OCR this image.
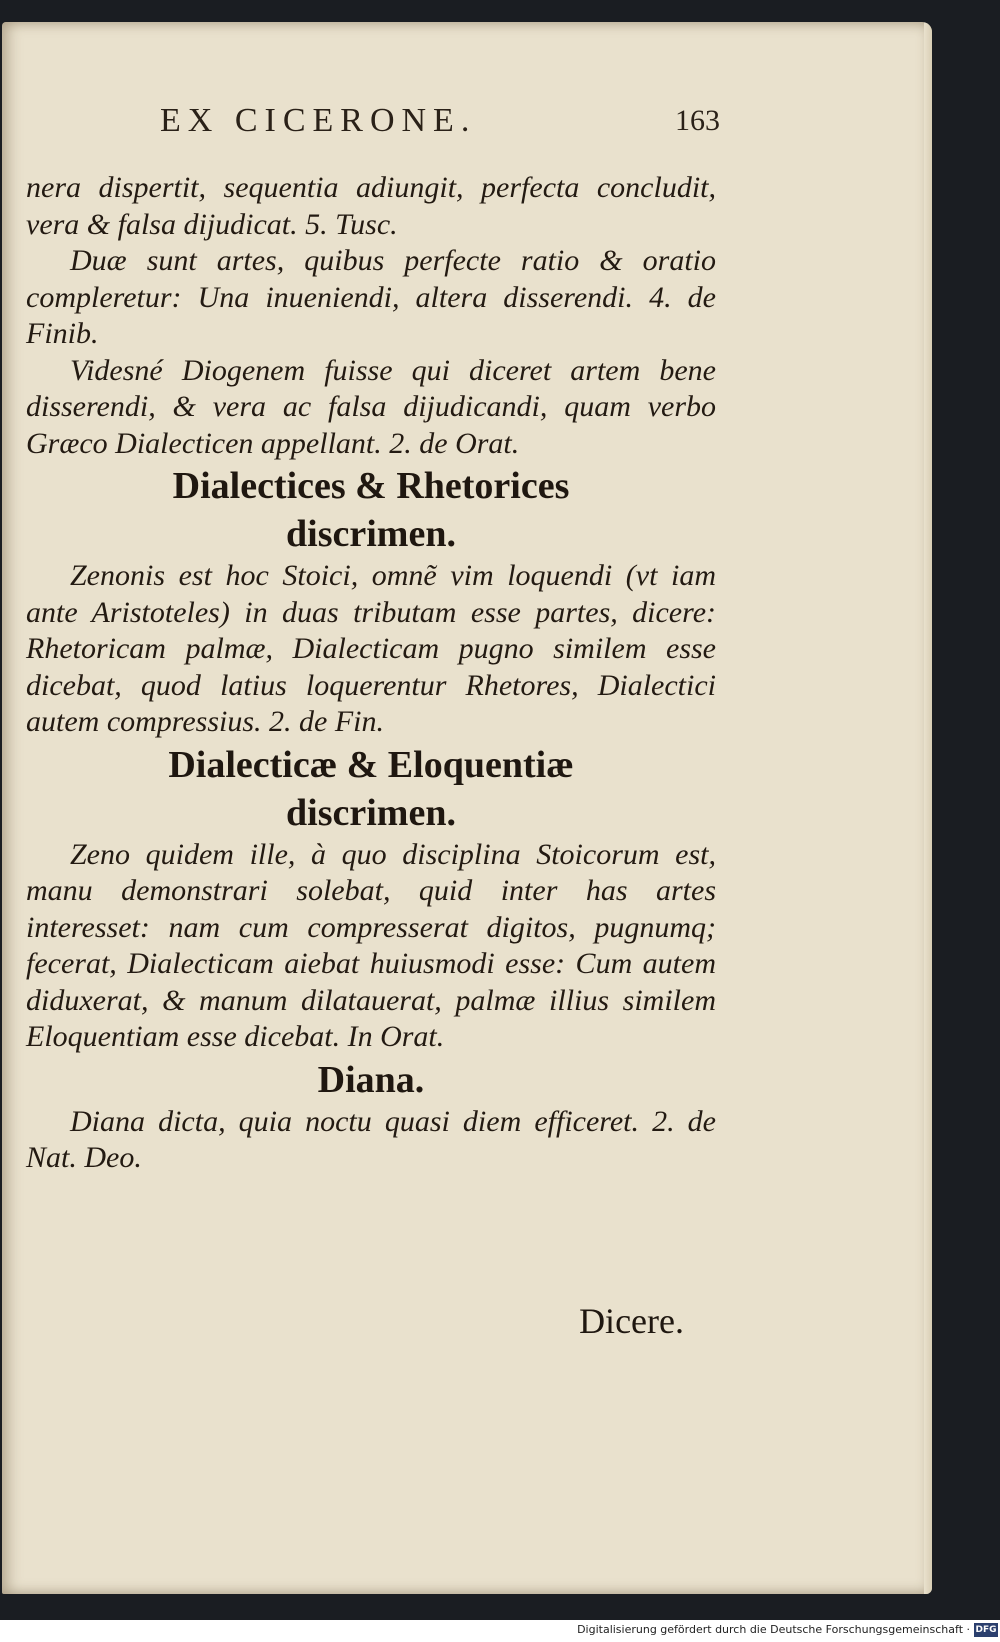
EX CICERONE.	163

nera dispertit, sequentia adiungit, perfecta concludit, vera & falsa dijudicat. 5. Tusc.

Duæ sunt artes, quibus perfecte ratio & oratio compleretur: Una inueniendi, altera disserendi. 4. de Finib.

Videsné Diogenem fuisse qui diceret artem bene disserendi, & vera ac falsa dijudicandi, quam verbo Græco Dialecticen appellant. 2. de Orat.

Dialectices & Rhetorices
discrimen.

Zenonis est hoc Stoici, omnẽ vim loquendi (vt iam ante Aristoteles) in duas tributam esse partes, dicere: Rhetoricam palmæ, Dialecticam pugno similem esse dicebat, quod latius loquerentur Rhetores, Dialectici autem compressius. 2. de Fin.

Dialecticæ & Eloquentiæ
discrimen.

Zeno quidem ille, à quo disciplina Stoicorum est, manu demonstrari solebat, quid inter has artes interesset: nam cum compresserat digitos, pugnumq; fecerat, Dialecticam aiebat huiusmodi esse: Cum autem diduxerat, & manum dilatauerat, palmæ illius similem Eloquentiam esse dicebat. In Orat.

Diana.

Diana dicta, quia noctu quasi diem efficeret. 2. de Nat. Deo.

Dicere.
Digitalisierung gefördert durch die Deutsche Forschungsgemeinschaft · DFG
